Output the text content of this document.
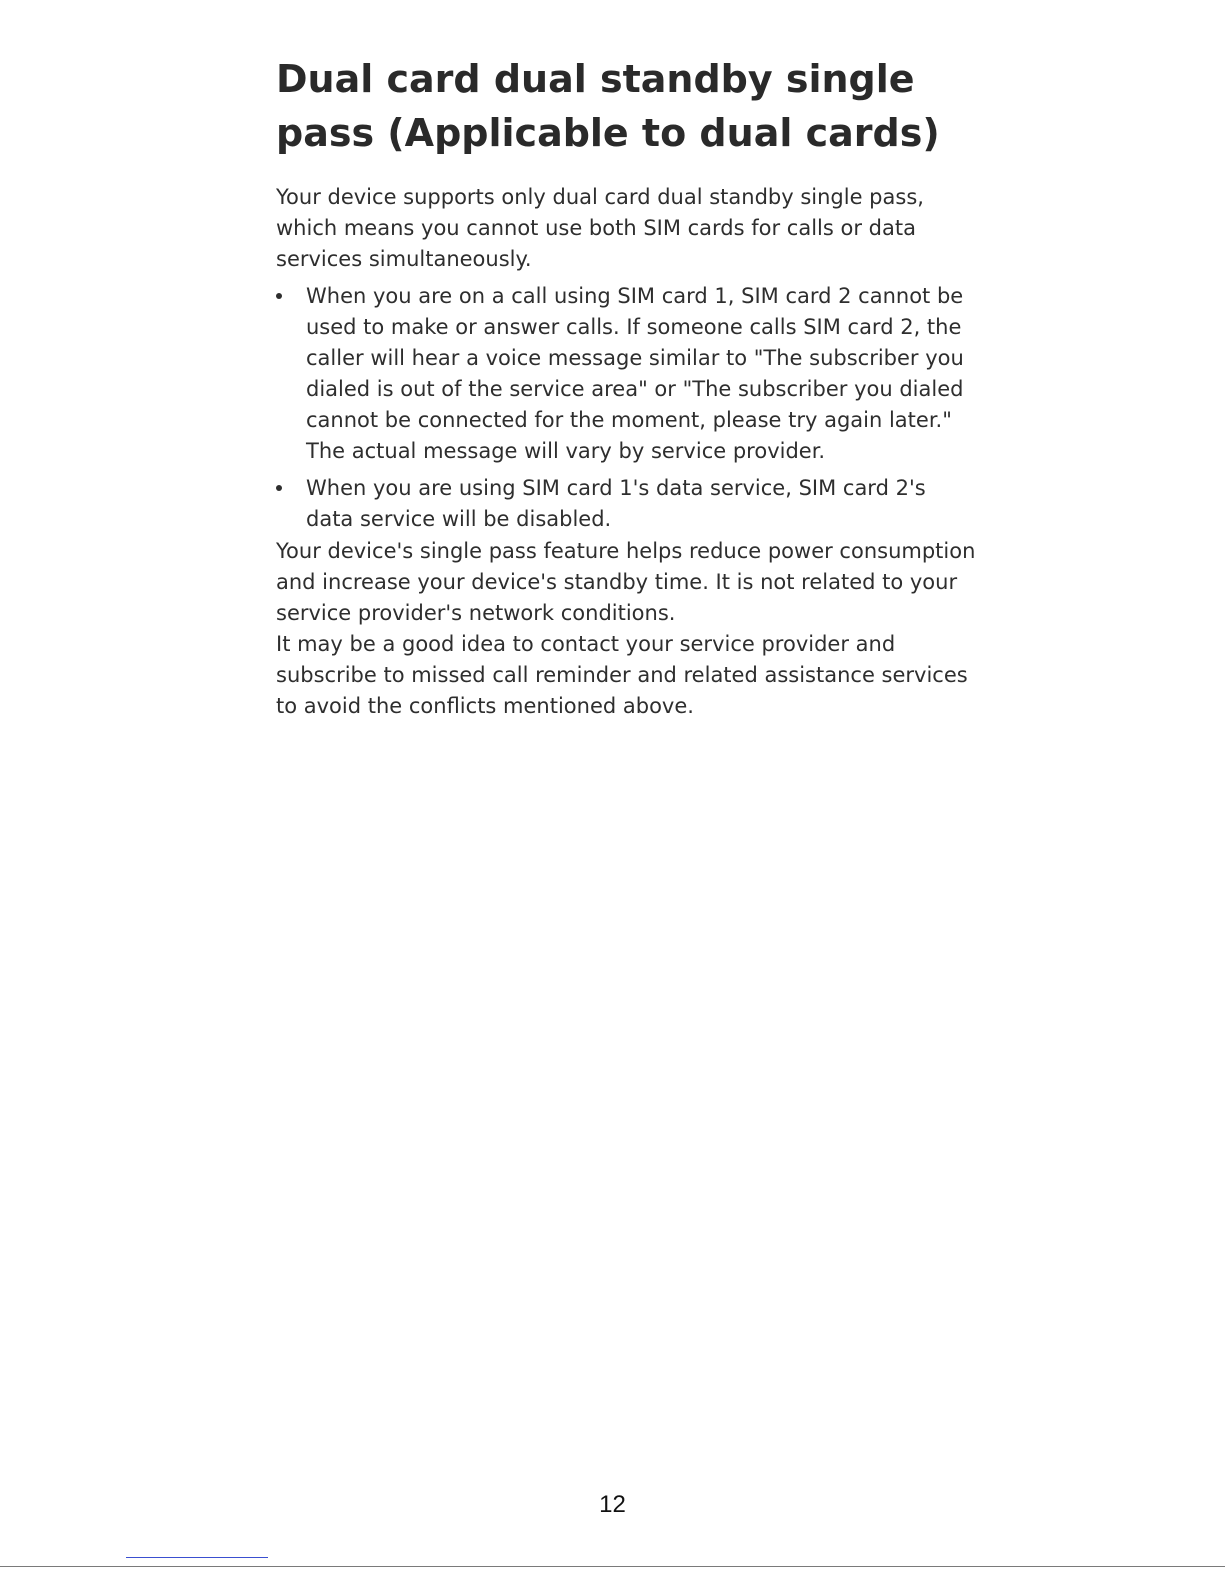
Dual card dual standby single
pass (Applicable to dual cards)

Your device supports only dual card dual standby single pass, which means you cannot use both SIM cards for calls or data services simultaneously.

When you are on a call using SIM card 1, SIM card 2 cannot be used to make or answer calls. If someone calls SIM card 2, the caller will hear a voice message similar to "The subscriber you dialed is out of the service area" or "The subscriber you dialed cannot be connected for the moment, please try again later." The actual message will vary by service provider.
When you are using SIM card 1's data service, SIM card 2's data service will be disabled.

Your device's single pass feature helps reduce power consumption and increase your device's standby time. It is not related to your service provider's network conditions.

It may be a good idea to contact your service provider and subscribe to missed call reminder and related assistance services to avoid the conflicts mentioned above.

12
